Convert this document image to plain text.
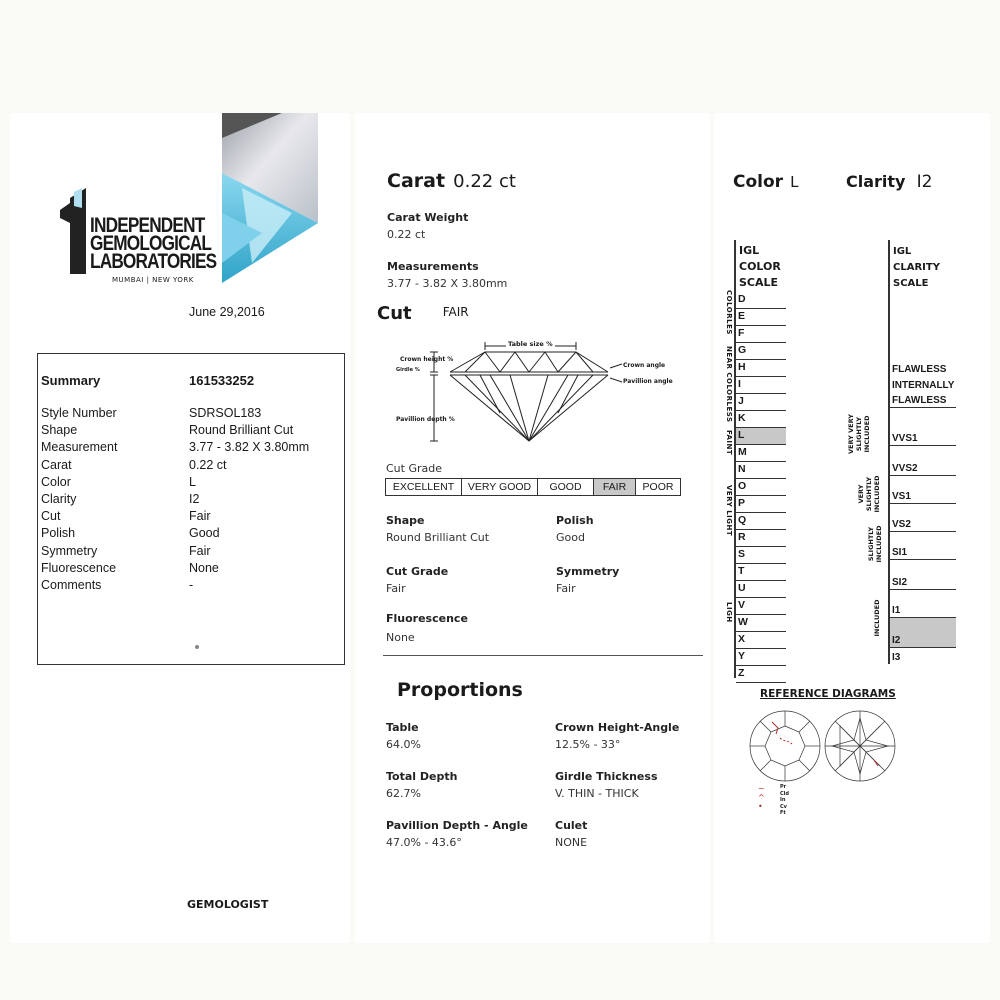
INDEPENDENT
GEMOLOGICAL
LABORATORIES
MUMBAI | NEW YORK
June 29,2016
Summary	161533252
Style Number	SDRSOL183
Shape	Round Brilliant Cut
Measurement	3.77 - 3.82 X 3.80mm
Carat	0.22 ct
Color	L
Clarity	I2
Cut	Fair
Polish	Good
Symmetry	Fair
Fluorescence	None
Comments	-
GEMOLOGIST
Carat 0.22 ct
Carat Weight
0.22 ct
Measurements
3.77 - 3.82 X 3.80mm
Cut	FAIR
Table size %
Crown height %
Girdle %
Pavillion depth %
Crown angle
Pavillion angle
Cut Grade
EXCELLENT	VERY GOOD	GOOD	FAIR	POOR
Shape
Round Brilliant Cut
Polish
Good
Cut Grade
Fair
Symmetry
Fair
Fluorescence
None
Proportions
Table
64.0%
Crown Height-Angle
12.5% - 33°
Total Depth
62.7%
Girdle Thickness
V. THIN - THICK
Pavillion Depth - Angle
47.0% - 43.6°
Culet
NONE
Color L	Clarity I2
IGL
COLOR
SCALE
D
E
F
G
H
I
J
K
L
M
N
O
P
Q
R
S
T
U
V
W
X
Y
Z
COLORLES
NEAR COLORLESS
FAINT
VERY LIGHT
LIGH
IGL
CLARITY
SCALE
FLAWLESS
INTERNALLY
FLAWLESS
VVS1
VVS2
VS1
VS2
SI1
SI2
I1
I2
I3
VERY VERY SLIGHTLY INCLUDED
VERY SLIGHTLY INCLUDED
SLIGHTLY INCLUDED
INCLUDED
REFERENCE DIAGRAMS
~
^
•
Pr
Cld
In
Cv
Ft
